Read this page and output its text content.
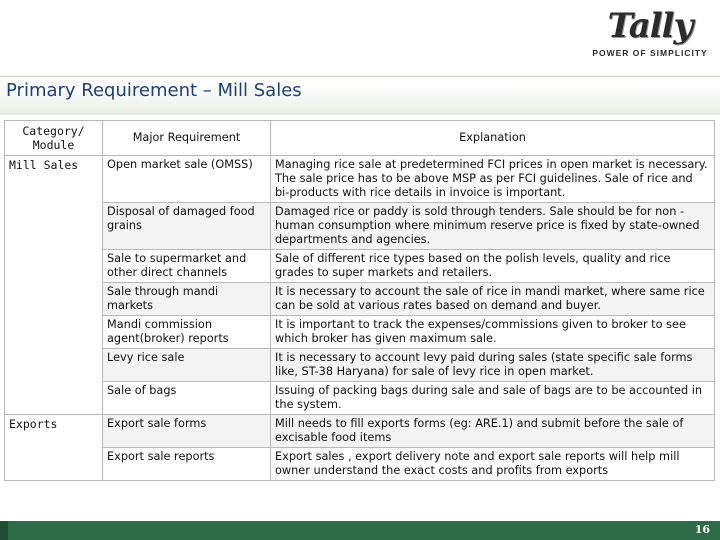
Tally
POWER OF SIMPLICITY
Primary Requirement – Mill Sales
Category/ Module	Major Requirement	Explanation
Mill Sales	Open market sale (OMSS)	Managing rice sale at predetermined FCI prices in open market is necessary. The sale price has to be above MSP as per FCI guidelines. Sale of rice and bi-products with rice details in invoice is important.
	Disposal of damaged food grains	Damaged rice or paddy is sold through tenders. Sale should be for non -human consumption where minimum reserve price is fixed by state-owned departments and agencies.
	Sale to supermarket and other direct channels	Sale of different rice types based on the polish levels, quality and rice grades to super markets and retailers.
	Sale through mandi markets	It is necessary to account the sale of rice in mandi market, where same rice can be sold at various rates based on demand and buyer.
	Mandi commission agent(broker) reports	It is important to track the expenses/commissions given to broker to see which broker has given maximum sale.
	Levy rice sale	It is necessary to account levy paid during sales (state specific sale forms like, ST-38 Haryana) for sale of levy rice in open market.
	Sale of bags	Issuing of packing bags during sale and sale of bags are to be accounted in the system.
Exports	Export sale forms	Mill needs to fill exports forms (eg: ARE.1) and submit before the sale of excisable food items
	Export sale reports	Export sales , export delivery note and export sale reports will help mill owner understand the exact costs and profits from exports
16
